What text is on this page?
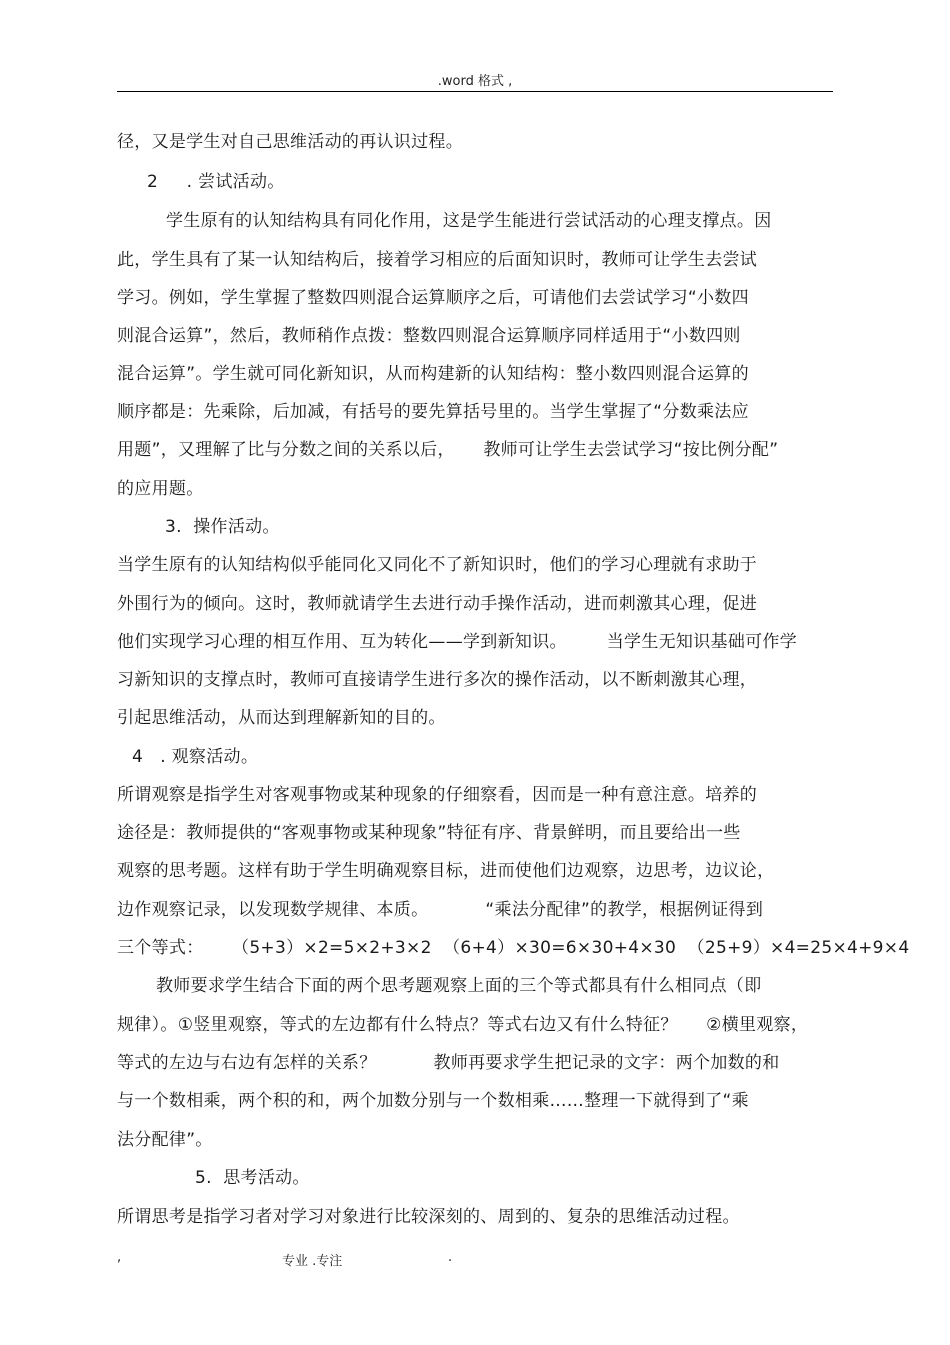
.word 格式 ,
径，又是学生对自己思维活动的再认识过程。
2     . 尝试活动。
学生原有的认知结构具有同化作用，这是学生能进行尝试活动的心理支撑点。因
此，学生具有了某一认知结构后，接着学习相应的后面知识时，教师可让学生去尝试
学习。例如，学生掌握了整数四则混合运算顺序之后，可请他们去尝试学习“小数四
则混合运算”，然后，教师稍作点拨：整数四则混合运算顺序同样适用于“小数四则
混合运算”。学生就可同化新知识，从而构建新的认知结构：整小数四则混合运算的
顺序都是：先乘除，后加减，有括号的要先算括号里的。当学生掌握了“分数乘法应
用题”，又理解了比与分数之间的关系以后，     教师可让学生去尝试学习“按比例分配”
的应用题。
3.  操作活动。
当学生原有的认知结构似乎能同化又同化不了新知识时，他们的学习心理就有求助于
外围行为的倾向。这时，教师就请学生去进行动手操作活动，进而刺激其心理，促进
他们实现学习心理的相互作用、互为转化——学到新知识。       当学生无知识基础可作学
习新知识的支撑点时，教师可直接请学生进行多次的操作活动，以不断刺激其心理，
引起思维活动，从而达到理解新知的目的。
4   . 观察活动。
所谓观察是指学生对客观事物或某种现象的仔细察看，因而是一种有意注意。培养的
途径是：教师提供的“客观事物或某种现象”特征有序、背景鲜明，而且要给出一些
观察的思考题。这样有助于学生明确观察目标，进而使他们边观察，边思考，边议论，
边作观察记录，以发现数学规律、本质。          “乘法分配律”的教学，根据例证得到
三个等式：     （5+3）×2=5×2+3×2  （6+4）×30=6×30+4×30  （25+9）×4=25×4+9×4
教师要求学生结合下面的两个思考题观察上面的三个等式都具有什么相同点（即
规律）。①竖里观察，等式的左边都有什么特点？等式右边又有什么特征？     ②横里观察，
等式的左边与右边有怎样的关系？          教师再要求学生把记录的文字：两个加数的和
与一个数相乘，两个积的和，两个加数分别与一个数相乘……整理一下就得到了“乘
法分配律”。
5.  思考活动。
所谓思考是指学习者对学习对象进行比较深刻的、周到的、复杂的思维活动过程。
,	专业 .专注	.
